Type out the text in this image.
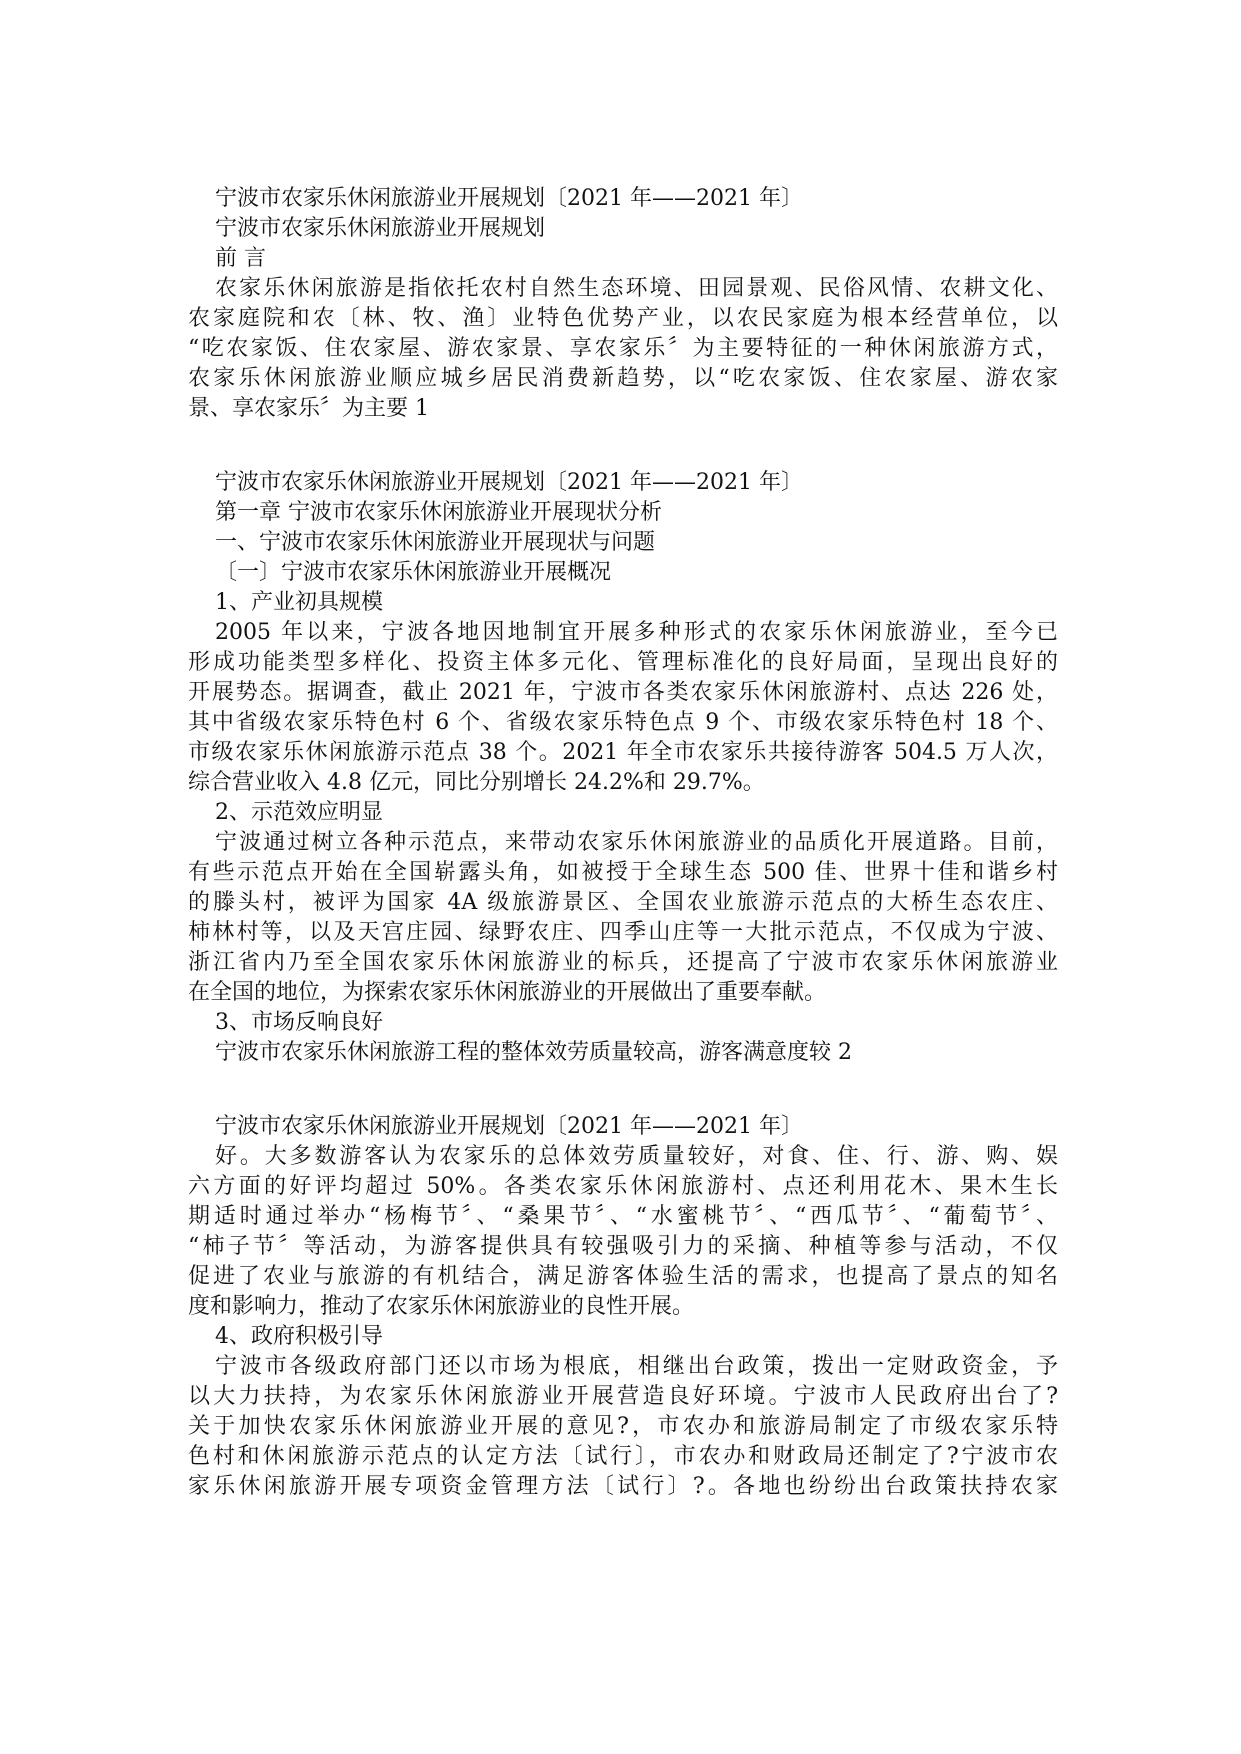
宁波市农家乐休闲旅游业开展规划〔2021 年——2021 年〕
宁波市农家乐休闲旅游业开展规划
前 言
农家乐休闲旅游是指依托农村自然生态环境、田园景观、民俗风情、农耕文化、
农家庭院和农〔林、牧、渔〕业特色优势产业，以农民家庭为根本经营单位，以
“吃农家饭、住农家屋、游农家景、享农家乐〞为主要特征的一种休闲旅游方式，
农家乐休闲旅游业顺应城乡居民消费新趋势，以“吃农家饭、住农家屋、游农家
景、享农家乐〞为主要 1
宁波市农家乐休闲旅游业开展规划〔2021 年——2021 年〕
第一章 宁波市农家乐休闲旅游业开展现状分析
一、宁波市农家乐休闲旅游业开展现状与问题
〔一〕宁波市农家乐休闲旅游业开展概况
1、产业初具规模
2005 年以来，宁波各地因地制宜开展多种形式的农家乐休闲旅游业，至今已
形成功能类型多样化、投资主体多元化、管理标准化的良好局面，呈现出良好的
开展势态。据调查，截止 2021 年，宁波市各类农家乐休闲旅游村、点达 226 处，
其中省级农家乐特色村 6 个、省级农家乐特色点 9 个、市级农家乐特色村 18 个、
市级农家乐休闲旅游示范点 38 个。2021 年全市农家乐共接待游客 504.5 万人次，
综合营业收入 4.8 亿元，同比分别增长 24.2%和 29.7%。
2、示范效应明显
宁波通过树立各种示范点，来带动农家乐休闲旅游业的品质化开展道路。目前，
有些示范点开始在全国崭露头角，如被授于全球生态 500 佳、世界十佳和谐乡村
的滕头村，被评为国家 4A 级旅游景区、全国农业旅游示范点的大桥生态农庄、
柿林村等，以及天宫庄园、绿野农庄、四季山庄等一大批示范点，不仅成为宁波、
浙江省内乃至全国农家乐休闲旅游业的标兵，还提高了宁波市农家乐休闲旅游业
在全国的地位，为探索农家乐休闲旅游业的开展做出了重要奉献。
3、市场反响良好
宁波市农家乐休闲旅游工程的整体效劳质量较高，游客满意度较 2
宁波市农家乐休闲旅游业开展规划〔2021 年——2021 年〕
好。大多数游客认为农家乐的总体效劳质量较好，对食、住、行、游、购、娱
六方面的好评均超过 50%。各类农家乐休闲旅游村、点还利用花木、果木生长
期适时通过举办“杨梅节〞、“桑果节〞、“水蜜桃节〞、“西瓜节〞、“葡萄节〞、
“柿子节〞等活动，为游客提供具有较强吸引力的采摘、种植等参与活动，不仅
促进了农业与旅游的有机结合，满足游客体验生活的需求，也提高了景点的知名
度和影响力，推动了农家乐休闲旅游业的良性开展。
4、政府积极引导
宁波市各级政府部门还以市场为根底，相继出台政策，拨出一定财政资金，予
以大力扶持，为农家乐休闲旅游业开展营造良好环境。宁波市人民政府出台了?
关于加快农家乐休闲旅游业开展的意见?，市农办和旅游局制定了市级农家乐特
色村和休闲旅游示范点的认定方法〔试行〕，市农办和财政局还制定了?宁波市农
家乐休闲旅游开展专项资金管理方法〔试行〕?。各地也纷纷出台政策扶持农家
